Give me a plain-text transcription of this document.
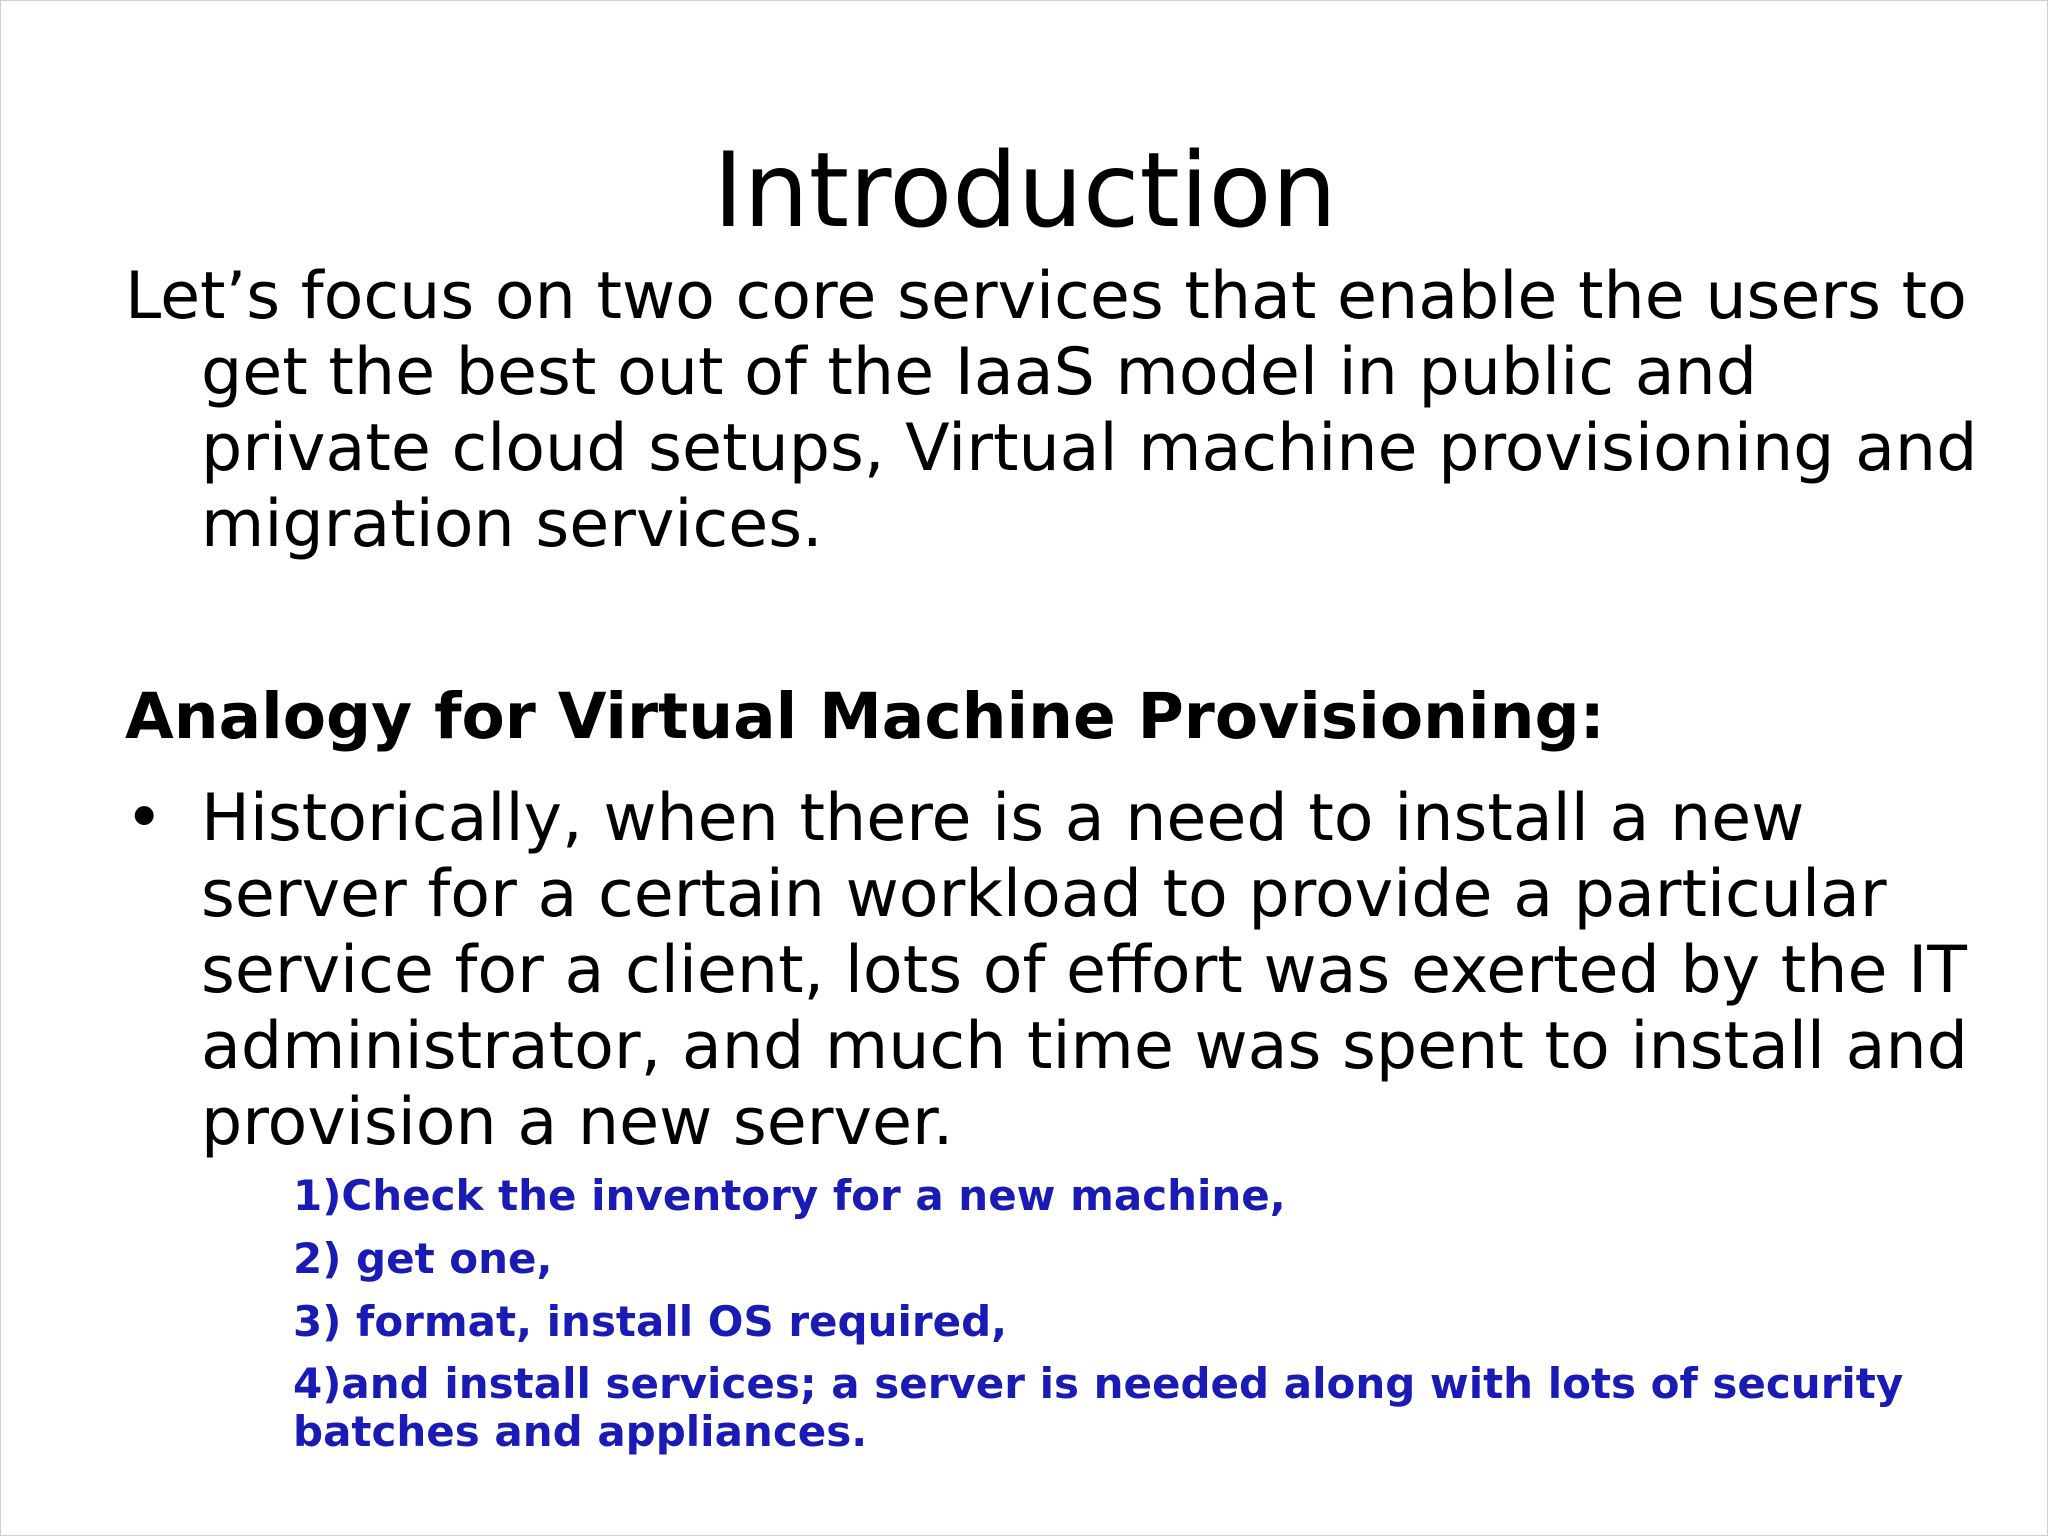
Introduction
Let’s focus on two core services that enable the users to
get the best out of the IaaS model in public and
private cloud setups, Virtual machine provisioning and
migration services.
Analogy for Virtual Machine Provisioning:
• Historically, when there is a need to install a new
server for a certain workload to provide a particular
service for a client, lots of effort was exerted by the IT
administrator, and much time was spent to install and
provision a new server.
1)Check the inventory for a new machine,
2) get one,
3) format, install OS required,
4)and install services; a server is needed along with lots of security batches and appliances.
